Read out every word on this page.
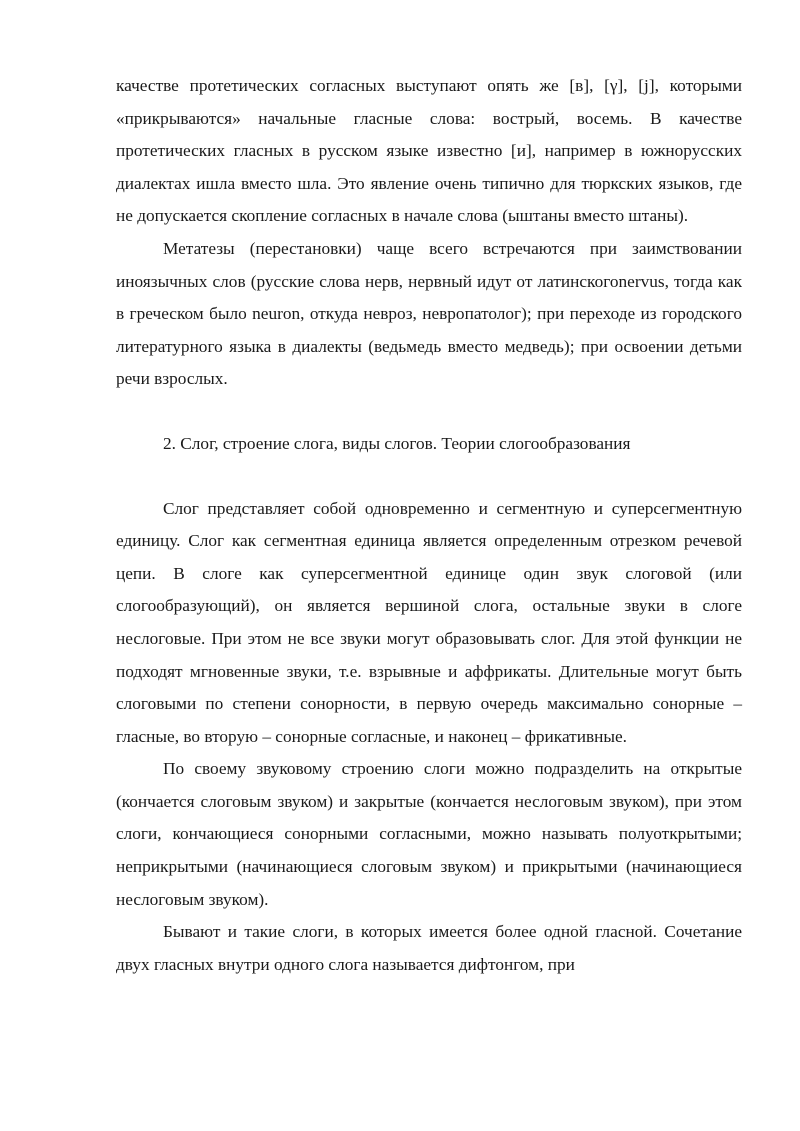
качестве протетических согласных выступают опять же [в], [γ], [j], которыми «прикрываются» начальные гласные слова: вострый, восемь. В качестве протетических гласных в русском языке известно [и], например в южнорусских диалектах ишла вместо шла. Это явление очень типично для тюркских языков, где не допускается скопление согласных в начале слова (ыштаны вместо штаны).

Метатезы (перестановки) чаще всего встречаются при заимствовании иноязычных слов (русские слова нерв, нервный идут от латинскогоnervus, тогда как в греческом было neuron, откуда невроз, невропатолог); при переходе из городского литературного языка в диалекты (ведьмедь вместо медведь); при освоении детьми речи взрослых.

2. Слог, строение слога, виды слогов. Теории слогообразования

Слог представляет собой одновременно и сегментную и суперсегментную единицу. Слог как сегментная единица является определенным отрезком речевой цепи. В слоге как суперсегментной единице один звук слоговой (или слогообразующий), он является вершиной слога, остальные звуки в слоге неслоговые. При этом не все звуки могут образовывать слог. Для этой функции не подходят мгновенные звуки, т.е. взрывные и аффрикаты. Длительные могут быть слоговыми по степени сонорности, в первую очередь максимально сонорные – гласные, во вторую – сонорные согласные, и наконец – фрикативные.

По своему звуковому строению слоги можно подразделить на открытые (кончается слоговым звуком) и закрытые (кончается неслоговым звуком), при этом слоги, кончающиеся сонорными согласными, можно называть полуоткрытыми; неприкрытыми (начинающиеся слоговым звуком) и прикрытыми (начинающиеся неслоговым звуком).

Бывают и такие слоги, в которых имеется более одной гласной. Сочетание двух гласных внутри одного слога называется дифтонгом, при
